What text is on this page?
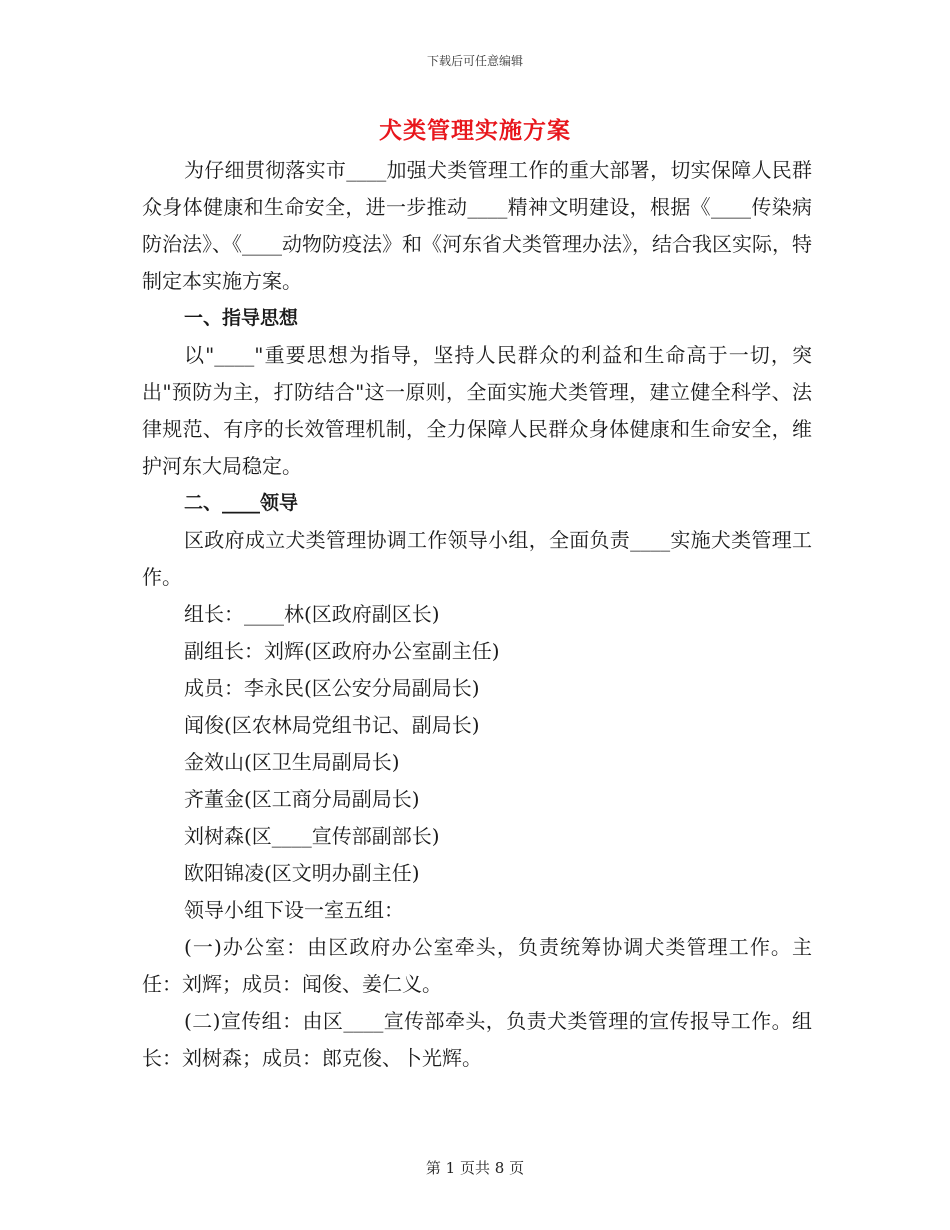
下载后可任意编辑
犬类管理实施方案

为仔细贯彻落实市____加强犬类管理工作的重大部署，切实保障人民群众身体健康和生命安全，进一步推动____精神文明建设，根据《____传染病防治法》、《____动物防疫法》和《河东省犬类管理办法》，结合我区实际，特制定本实施方案。

一、指导思想

以"____"重要思想为指导，坚持人民群众的利益和生命高于一切，突出"预防为主，打防结合"这一原则，全面实施犬类管理，建立健全科学、法律规范、有序的长效管理机制，全力保障人民群众身体健康和生命安全，维护河东大局稳定。

二、____领导

区政府成立犬类管理协调工作领导小组，全面负责____实施犬类管理工作。

组长：____林(区政府副区长)

副组长：刘辉(区政府办公室副主任)

成员：李永民(区公安分局副局长)

闻俊(区农林局党组书记、副局长)

金效山(区卫生局副局长)

齐董金(区工商分局副局长)

刘树森(区____宣传部副部长)

欧阳锦凌(区文明办副主任)

领导小组下设一室五组：

(一)办公室：由区政府办公室牵头，负责统筹协调犬类管理工作。主任：刘辉；成员：闻俊、姜仁义。

(二)宣传组：由区____宣传部牵头，负责犬类管理的宣传报导工作。组长：刘树森；成员：郎克俊、卜光辉。

第 1 页共 8 页
